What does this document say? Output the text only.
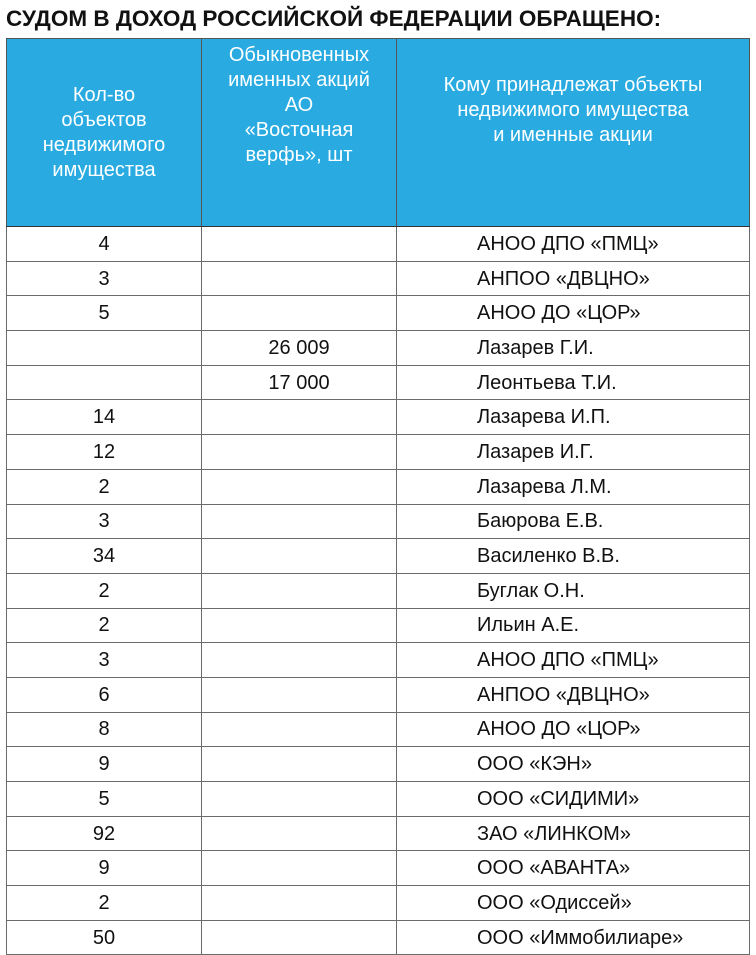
СУДОМ В ДОХОД РОССИЙСКОЙ ФЕДЕРАЦИИ ОБРАЩЕНО:
Кол-во
объектов
недвижимого
имущества	Обыкновенных
именных акций
АО
«Восточная
верфь», шт	Кому принадлежат объекты
недвижимого имущества
и именные акции
4		АНОО ДПО «ПМЦ»
3		АНПОО «ДВЦНО»
5		АНОО ДО «ЦОР»
	26 009	Лазарев Г.И.
	17 000	Леонтьева Т.И.
14		Лазарева И.П.
12		Лазарев И.Г.
2		Лазарева Л.М.
3		Баюрова Е.В.
34		Василенко В.В.
2		Буглак О.Н.
2		Ильин А.Е.
3		АНОО ДПО «ПМЦ»
6		АНПОО «ДВЦНО»
8		АНОО ДО «ЦОР»
9		ООО «КЭН»
5		ООО «СИДИМИ»
92		ЗАО «ЛИНКОМ»
9		ООО «АВАНТА»
2		ООО «Одиссей»
50		ООО «Иммобилиаре»
